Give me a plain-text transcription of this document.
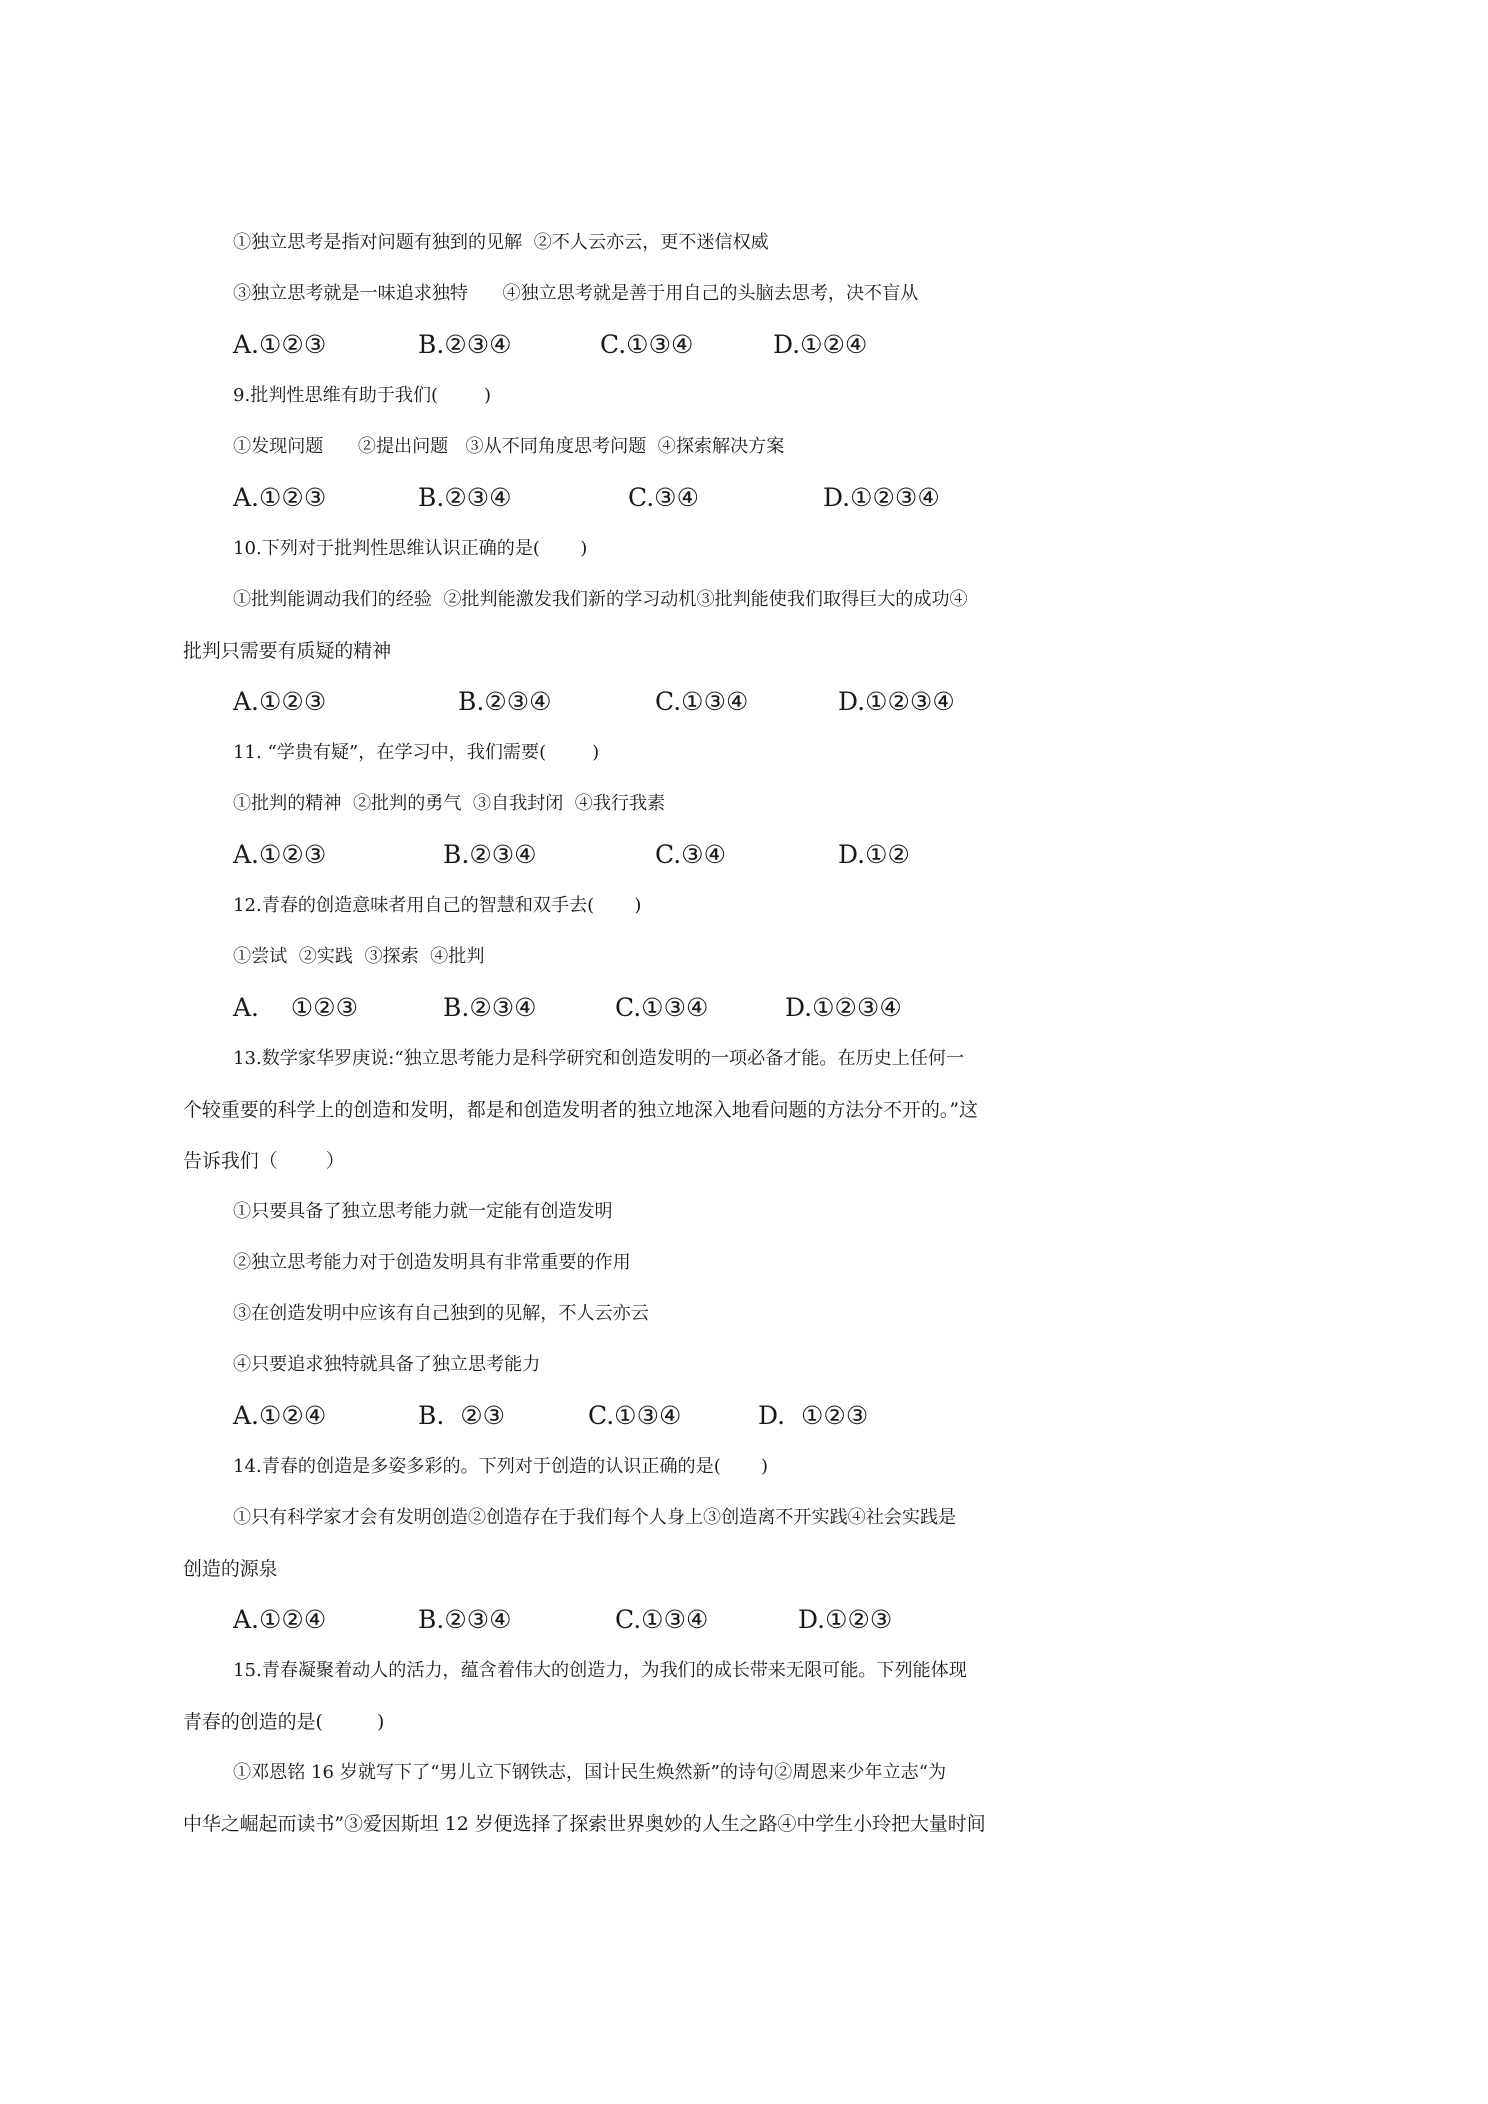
①独立思考是指对问题有独到的见解  ②不人云亦云，更不迷信权威
③独立思考就是一味追求独特      ④独立思考就是善于用自己的头脑去思考，决不盲从

A.①②③

	B.②③④

	C.①③④

	D.①②④

9.批判性思维有助于我们(        )
①发现问题      ②提出问题   ③从不同角度思考问题  ④探索解决方案

A.①②③

	B.②③④

	C.③④

	D.①②③④

10.下列对于批判性思维认识正确的是(       )
①批判能调动我们的经验  ②批判能激发我们新的学习动机③批判能使我们取得巨大的成功④
批判只需要有质疑的精神

A.①②③

	B.②③④

	C.①③④

	D.①②③④

11. “学贵有疑”，在学习中，我们需要(        )
①批判的精神  ②批判的勇气  ③自我封闭  ④我行我素

A.①②③

	B.②③④

	C.③④

	D.①②

12.青春的创造意味者用自己的智慧和双手去(       )
①尝试  ②实践  ③探索  ④批判

A.    ①②③

	B.②③④

	C.①③④

	D.①②③④

13.数学家华罗庚说:“独立思考能力是科学研究和创造发明的一项必备才能。在历史上任何一
个较重要的科学上的创造和发明，都是和创造发明者的独立地深入地看问题的方法分不开的。”这
告诉我们（        ）
①只要具备了独立思考能力就一定能有创造发明
②独立思考能力对于创造发明具有非常重要的作用
③在创造发明中应该有自己独到的见解，不人云亦云
④只要追求独特就具备了独立思考能力

A.①②④

	B.  ②③

	C.①③④

	D.  ①②③

14.青春的创造是多姿多彩的。下列对于创造的认识正确的是(       )
①只有科学家才会有发明创造②创造存在于我们每个人身上③创造离不开实践④社会实践是
创造的源泉

A.①②④

	B.②③④

	C.①③④

	D.①②③

15.青春凝聚着动人的活力，蕴含着伟大的创造力，为我们的成长带来无限可能。下列能体现
青春的创造的是(         )
①邓恩铭 16 岁就写下了“男儿立下钢铁志，国计民生焕然新”的诗句②周恩来少年立志“为
中华之崛起而读书”③爱因斯坦 12 岁便选择了探索世界奥妙的人生之路④中学生小玲把大量时间
